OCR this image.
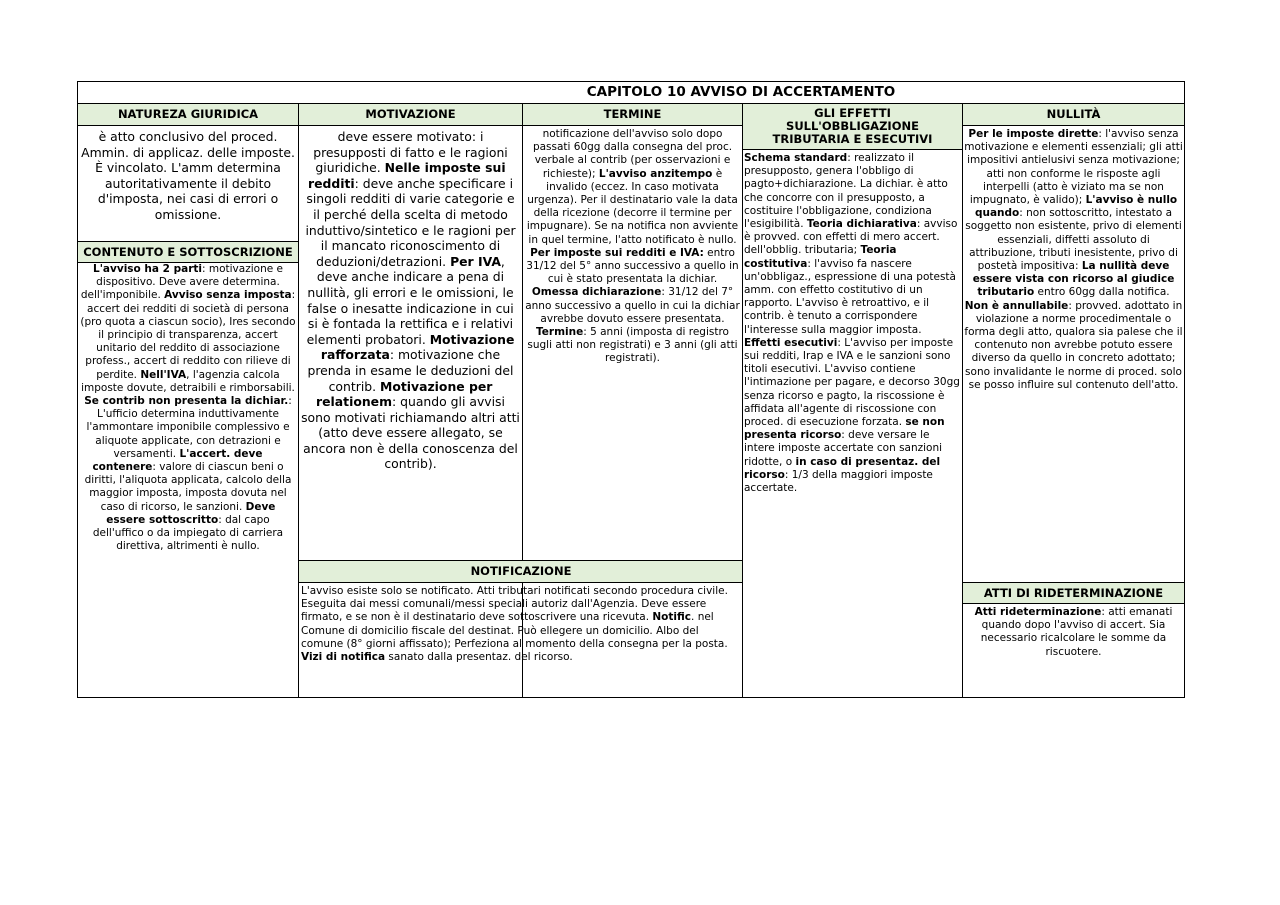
CAPITOLO 10 AVVISO DI ACCERTAMENTO
NATUREZA GIURIDICA
è atto conclusivo del proced. Ammin. di applicaz. delle imposte. È vincolato. L'amm determina autoritativamente il debito d'imposta, nei casi di errori o omissione.
CONTENUTO E SOTTOSCRIZIONE
L'avviso ha 2 parti: motivazione e dispositivo. Deve avere determina. dell'imponibile. Avviso senza imposta: accert dei redditi di società di persona (pro quota a ciascun socio), Ires secondo il principio di transparenza, accert unitario del reddito di associazione profess., accert di reddito con rilieve di perdite. Nell'IVA, l'agenzia calcola imposte dovute, detraibili e rimborsabili. Se contrib non presenta la dichiar.: L'ufficio determina induttivamente l'ammontare imponibile complessivo e aliquote applicate, con detrazioni e versamenti. L'accert. deve contenere: valore di ciascun beni o diritti, l'aliquota applicata, calcolo della maggior imposta, imposta dovuta nel caso di ricorso, le sanzioni. Deve essere sottoscritto: dal capo dell'uffico o da impiegato di carriera direttiva, altrimenti è nullo.
MOTIVAZIONE
deve essere motivato: i presupposti di fatto e le ragioni giuridiche. Nelle imposte sui redditi: deve anche specificare i singoli redditi di varie categorie e il perché della scelta di metodo induttivo/sintetico e le ragioni per il mancato riconoscimento di deduzioni/detrazioni. Per IVA, deve anche indicare a pena di nullità, gli errori e le omissioni, le false o inesatte indicazione in cui si è fontada la rettifica e i relativi elementi probatori. Motivazione rafforzata: motivazione che prenda in esame le deduzioni del contrib. Motivazione per relationem: quando gli avvisi sono motivati richiamando altri atti (atto deve essere allegato, se ancora non è della conoscenza del contrib).
TERMINE
notificazione dell'avviso solo dopo passati 60gg dalla consegna del proc. verbale al contrib (per osservazioni e richieste); L'avviso anzitempo è invalido (eccez. In caso motivata urgenza). Per il destinatario vale la data della ricezione (decorre il termine per impugnare). Se na notifica non avviente in quel termine, l'atto notificato è nullo. Per imposte sui redditi e IVA: entro 31/12 del 5° anno successivo a quello in cui è stato presentata la dichiar. Omessa dichiarazione: 31/12 del 7° anno successivo a quello in cui la dichiar avrebbe dovuto essere presentata. Termine: 5 anni (imposta di registro sugli atti non registrati) e 3 anni (gli atti registrati).
NOTIFICAZIONE
L'avviso esiste solo se notificato. Atti tributari notificati secondo procedura civile. Eseguita dai messi comunali/messi speciali autoriz dall'Agenzia. Deve essere firmato, e se non è il destinatario deve sottoscrivere una ricevuta. Notific. nel Comune di domicilio fiscale del destinat. Può ellegere un domicilio. Albo del comune (8° giorni affissato); Perfeziona al momento della consegna per la posta. Vizi di notifica sanato dalla presentaz. del ricorso.
GLI EFFETTI SULL'OBBLIGAZIONE TRIBUTARIA E ESECUTIVI
Schema standard: realizzato il presupposto, genera l'obbligo di pagto+dichiarazione. La dichiar. è atto che concorre con il presupposto, a costituire l'obbligazione, condiziona l'esigibilità. Teoria dichiarativa: avviso è provved. con effetti di mero accert. dell'obblig. tributaria; Teoria costitutiva: l'avviso fa nascere un'obbligaz., espressione di una potestà amm. con effetto costitutivo di un rapporto. L'avviso è retroattivo, e il contrib. è tenuto a corrispondere l'interesse sulla maggior imposta. Effetti esecutivi: L'avviso per imposte sui redditi, Irap e IVA e le sanzioni sono titoli esecutivi. L'avviso contiene l'intimazione per pagare, e decorso 30gg senza ricorso e pagto, la riscossione è affidata all'agente di riscossione con proced. di esecuzione forzata. se non presenta ricorso: deve versare le intere imposte accertate con sanzioni ridotte, o in caso di presentaz. del ricorso: 1/3 della maggiori imposte accertate.
NULLITÀ
Per le imposte dirette: l'avviso senza motivazione e elementi essenziali; gli atti impositivi antielusivi senza motivazione; atti non conforme le risposte agli interpelli (atto è viziato ma se non impugnato, è valido); L'avviso è nullo quando: non sottoscritto, intestato a soggetto non esistente, privo di elementi essenziali, diffetti assoluto di attribuzione, tributi inesistente, privo di postetà impositiva: La nullità deve essere vista con ricorso al giudice tributario entro 60gg dalla notifica. Non è annullabile: provved. adottato in violazione a norme procedimentale o forma degli atto, qualora sia palese che il contenuto non avrebbe potuto essere diverso da quello in concreto adottato; sono invalidante le norme di proced. solo se posso influire sul contenuto dell'atto.
ATTI DI RIDETERMINAZIONE
Atti rideterminazione: atti emanati quando dopo l'avviso di accert. Sia necessario ricalcolare le somme da riscuotere.
